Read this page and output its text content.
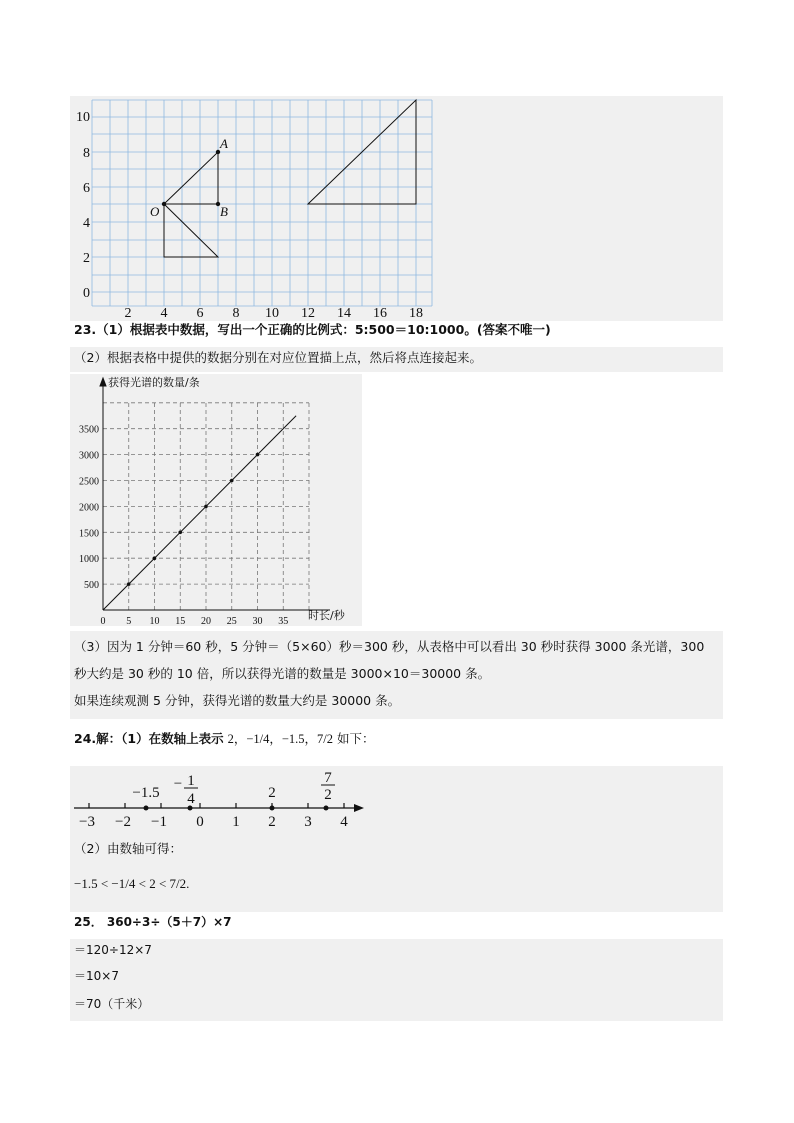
10
8
6
4
2
0
2 4 6 8 10 12 14 16 18
A
O	B
23.（1）根据表中数据，写出一个正确的比例式：5:500＝10:1000。(答案不唯一)
（2）根据表格中提供的数据分别在对应位置描上点，然后将点连接起来。
0 5 10 15 20 25 30 35
500
1000
1500
2000
2500
3000
3500
获得光谱的数量/条
时长/秒
（3）因为 1 分钟＝60 秒，5 分钟＝（5×60）秒＝300 秒，从表格中可以看出 30 秒时获得 3000 条光谱，300
秒大约是 30 秒的 10 倍，所以获得光谱的数量是 3000×10＝30000 条。
如果连续观测 5 分钟，获得光谱的数量大约是 30000 条。
24.解：（1）在数轴上表示 2，−1/4，−1.5，7/2 如下：
−3 −2 −1 0 1 2 3 4
−1.5
− 1
4	2
7
2
（2）由数轴可得：
−1.5 < −1/4 < 2 < 7/2.
25． 360÷3÷（5＋7）×7
＝120÷12×7
＝10×7
＝70（千米）
